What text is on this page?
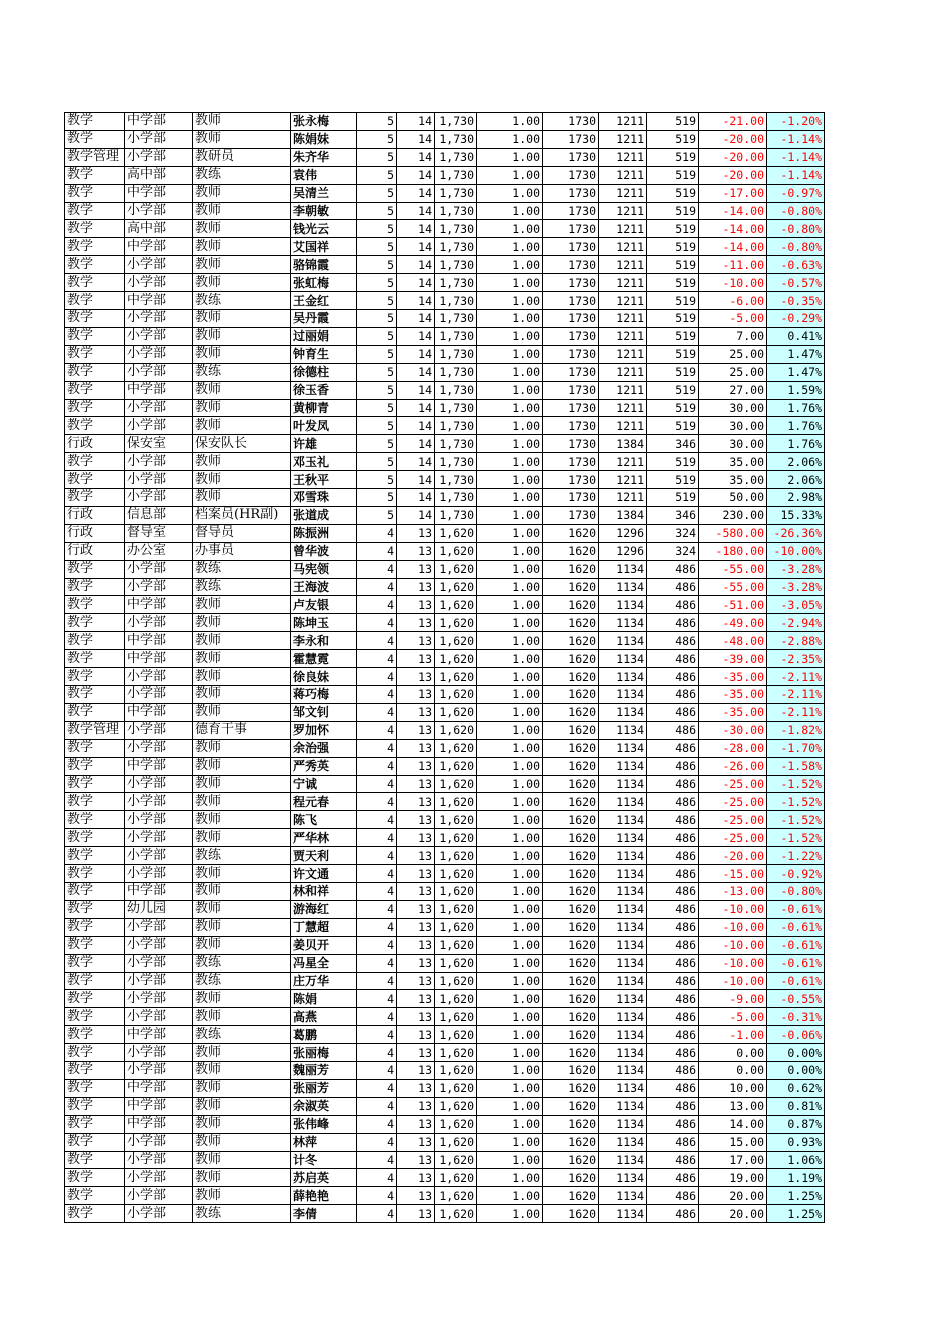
教学	中学部	教师	张永梅	5	14	1,730	1.00	1730	1211	519	-21.00	-1.20%
教学	小学部	教师	陈娟妹	5	14	1,730	1.00	1730	1211	519	-20.00	-1.14%
教学管理	小学部	教研员	朱齐华	5	14	1,730	1.00	1730	1211	519	-20.00	-1.14%
教学	高中部	教练	袁伟	5	14	1,730	1.00	1730	1211	519	-20.00	-1.14%
教学	中学部	教师	吴清兰	5	14	1,730	1.00	1730	1211	519	-17.00	-0.97%
教学	小学部	教师	李朝敏	5	14	1,730	1.00	1730	1211	519	-14.00	-0.80%
教学	高中部	教师	钱光云	5	14	1,730	1.00	1730	1211	519	-14.00	-0.80%
教学	中学部	教师	艾国祥	5	14	1,730	1.00	1730	1211	519	-14.00	-0.80%
教学	小学部	教师	骆锦霞	5	14	1,730	1.00	1730	1211	519	-11.00	-0.63%
教学	小学部	教师	张虹梅	5	14	1,730	1.00	1730	1211	519	-10.00	-0.57%
教学	中学部	教练	王金红	5	14	1,730	1.00	1730	1211	519	-6.00	-0.35%
教学	小学部	教师	吴丹霞	5	14	1,730	1.00	1730	1211	519	-5.00	-0.29%
教学	小学部	教师	过丽娟	5	14	1,730	1.00	1730	1211	519	7.00	0.41%
教学	小学部	教师	钟育生	5	14	1,730	1.00	1730	1211	519	25.00	1.47%
教学	小学部	教练	徐德柱	5	14	1,730	1.00	1730	1211	519	25.00	1.47%
教学	中学部	教师	徐玉香	5	14	1,730	1.00	1730	1211	519	27.00	1.59%
教学	小学部	教师	黄柳青	5	14	1,730	1.00	1730	1211	519	30.00	1.76%
教学	小学部	教师	叶发凤	5	14	1,730	1.00	1730	1211	519	30.00	1.76%
行政	保安室	保安队长	许雄	5	14	1,730	1.00	1730	1384	346	30.00	1.76%
教学	小学部	教师	邓玉礼	5	14	1,730	1.00	1730	1211	519	35.00	2.06%
教学	小学部	教师	王秋平	5	14	1,730	1.00	1730	1211	519	35.00	2.06%
教学	小学部	教师	邓雪珠	5	14	1,730	1.00	1730	1211	519	50.00	2.98%
行政	信息部	档案员(HR副)	张道成	5	14	1,730	1.00	1730	1384	346	230.00	15.33%
行政	督导室	督导员	陈振洲	4	13	1,620	1.00	1620	1296	324	-580.00	-26.36%
行政	办公室	办事员	曾华波	4	13	1,620	1.00	1620	1296	324	-180.00	-10.00%
教学	小学部	教练	马宪领	4	13	1,620	1.00	1620	1134	486	-55.00	-3.28%
教学	小学部	教练	王海波	4	13	1,620	1.00	1620	1134	486	-55.00	-3.28%
教学	中学部	教师	卢友银	4	13	1,620	1.00	1620	1134	486	-51.00	-3.05%
教学	小学部	教师	陈坤玉	4	13	1,620	1.00	1620	1134	486	-49.00	-2.94%
教学	中学部	教师	李永和	4	13	1,620	1.00	1620	1134	486	-48.00	-2.88%
教学	中学部	教师	霍慧霓	4	13	1,620	1.00	1620	1134	486	-39.00	-2.35%
教学	小学部	教师	徐良妹	4	13	1,620	1.00	1620	1134	486	-35.00	-2.11%
教学	小学部	教师	蒋巧梅	4	13	1,620	1.00	1620	1134	486	-35.00	-2.11%
教学	中学部	教师	邹文钊	4	13	1,620	1.00	1620	1134	486	-35.00	-2.11%
教学管理	小学部	德育干事	罗加怀	4	13	1,620	1.00	1620	1134	486	-30.00	-1.82%
教学	小学部	教师	余治强	4	13	1,620	1.00	1620	1134	486	-28.00	-1.70%
教学	中学部	教师	严秀英	4	13	1,620	1.00	1620	1134	486	-26.00	-1.58%
教学	小学部	教师	宁诚	4	13	1,620	1.00	1620	1134	486	-25.00	-1.52%
教学	小学部	教师	程元春	4	13	1,620	1.00	1620	1134	486	-25.00	-1.52%
教学	小学部	教师	陈飞	4	13	1,620	1.00	1620	1134	486	-25.00	-1.52%
教学	小学部	教师	严华林	4	13	1,620	1.00	1620	1134	486	-25.00	-1.52%
教学	小学部	教练	贾天利	4	13	1,620	1.00	1620	1134	486	-20.00	-1.22%
教学	小学部	教师	许文通	4	13	1,620	1.00	1620	1134	486	-15.00	-0.92%
教学	中学部	教师	林和祥	4	13	1,620	1.00	1620	1134	486	-13.00	-0.80%
教学	幼儿园	教师	游海红	4	13	1,620	1.00	1620	1134	486	-10.00	-0.61%
教学	小学部	教师	丁慧超	4	13	1,620	1.00	1620	1134	486	-10.00	-0.61%
教学	小学部	教师	姜贝开	4	13	1,620	1.00	1620	1134	486	-10.00	-0.61%
教学	小学部	教练	冯星全	4	13	1,620	1.00	1620	1134	486	-10.00	-0.61%
教学	小学部	教练	庄万华	4	13	1,620	1.00	1620	1134	486	-10.00	-0.61%
教学	小学部	教师	陈娟	4	13	1,620	1.00	1620	1134	486	-9.00	-0.55%
教学	小学部	教师	高燕	4	13	1,620	1.00	1620	1134	486	-5.00	-0.31%
教学	中学部	教练	葛鹏	4	13	1,620	1.00	1620	1134	486	-1.00	-0.06%
教学	小学部	教师	张丽梅	4	13	1,620	1.00	1620	1134	486	0.00	0.00%
教学	小学部	教师	魏丽芳	4	13	1,620	1.00	1620	1134	486	0.00	0.00%
教学	中学部	教师	张丽芳	4	13	1,620	1.00	1620	1134	486	10.00	0.62%
教学	中学部	教师	余淑英	4	13	1,620	1.00	1620	1134	486	13.00	0.81%
教学	中学部	教师	张伟峰	4	13	1,620	1.00	1620	1134	486	14.00	0.87%
教学	小学部	教师	林萍	4	13	1,620	1.00	1620	1134	486	15.00	0.93%
教学	小学部	教师	计冬	4	13	1,620	1.00	1620	1134	486	17.00	1.06%
教学	小学部	教师	苏启英	4	13	1,620	1.00	1620	1134	486	19.00	1.19%
教学	小学部	教师	薛艳艳	4	13	1,620	1.00	1620	1134	486	20.00	1.25%
教学	小学部	教练	李倩	4	13	1,620	1.00	1620	1134	486	20.00	1.25%
